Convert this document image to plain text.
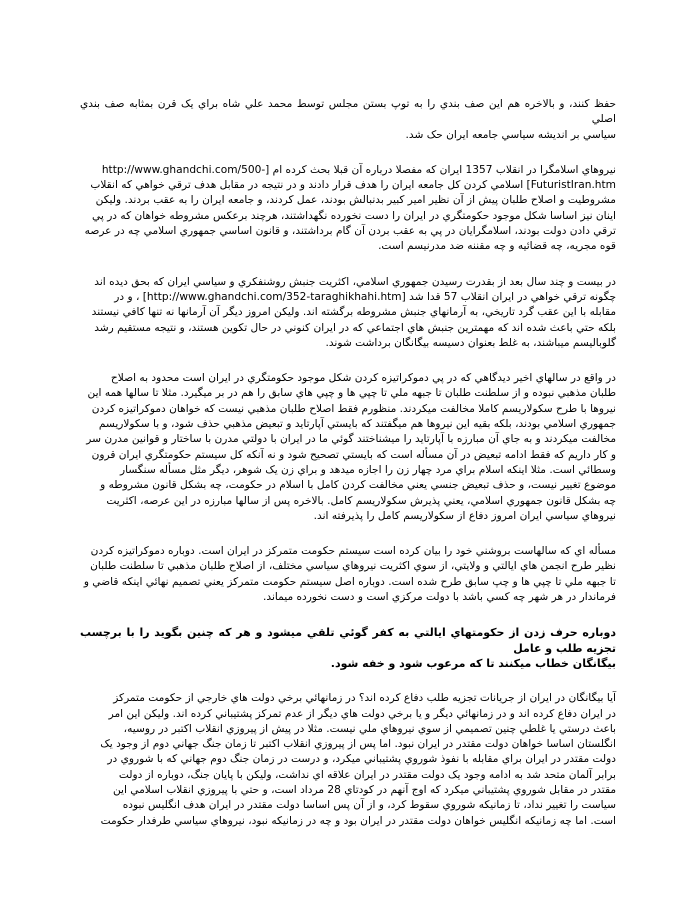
حفظ کنند، و بالاخره هم اين صف بندي را به توپ بستن مجلس توسط محمد علي شاه براي يک قرن بمثابه صف بندي اصلي
سياسي بر انديشه سياسي جامعه ايران حک شد.

نيروهاي اسلامگرا در انقلاب 1357 ايران که مفصلا درباره آن قبلا بحث کرده ام [-http://www.ghandchi.com/500
FuturistIran.htm] اسلامي کردن کل جامعه ايران را هدف قرار دادند و در نتيجه در مقابل هدف ترقي خواهي که انقلاب
مشروطيت و اصلاح طلبان پيش از آن نظير امير کبير بدنبالش بودند، عمل کردند، و جامعه ايران را به عقب بردند. وليکن
اينان نيز اساسا شکل موجود حکومتگري در ايران را دست نخورده نگهداشتند، هرچند برعکس مشروطه خواهان که در پي
ترقي دادن دولت بودند، اسلامگرايان در پي به عقب بردن آن گام برداشتند، و قانون اساسي جمهوري اسلامي چه در عرصه
قوه مجريه، چه قضائيه و چه مقننه ضد مدرنيسم است.

در بيست و چند سال بعد از بقدرت رسيدن جمهوري اسلامي، اکثريت جنبش روشنفکري و سياسي ايران که بحق ديده اند
چگونه ترقي خواهي در ايران انقلاب 57 قدا شد [http://www.ghandchi.com/352-taraghikhahi.htm] ، و در
مقابله با اين عقب گرد تاريخي، به آرمانهاي جنبش مشروطه برگشته اند. وليکن امروز ديگر آن آرمانها نه تنها کافي نيستند
بلکه حتي باعث شده اند که مهمترين جنبش هاي اجتماعي که در ايران کنوني در حال تکوين هستند، و نتيجه مستقيم رشد
گلوباليسم ميباشند، به غلط بعنوان دسيسه بيگانگان برداشت شوند.

در واقع در سالهاي اخير ديدگاهي که در پي دموکراتيزه کردن شکل موجود حکومتگري در ايران است محدود به اصلاح
طلبان مذهبي نبوده و از سلطنت طلبان تا جبهه ملي تا چپي ها و چپي هاي سابق را هم در بر ميگيرد. مثلا تا سالها همه اين
نيروها با طرح سکولاريسم کاملا مخالفت ميکردند. منظورم فقط اصلاح طلبان مذهبي نيست که خواهان دموکراتيزه کردن
جمهوري اسلامي بودند، بلکه بقيه اين نيروها هم ميگفتند که بايستي آپارتايد و تبعيض مذهبي حذف شود، و با سکولاريسم
مخالفت ميکردند و به جاي آن مبارزه با آپارتايد را ميشناختند گوئي ما در ايران با دولتي مدرن با ساختار و قوانين مدرن سر
و کار داريم که فقط ادامه تبعيض در آن مسأله است که بايستي تصحيح شود و نه آنکه کل سيستم حکومتگري ايران قرون
وسطائي است. مثلا اينکه اسلام براي مرد چهار زن را اجازه ميدهد و براي زن يک شوهر، ديگر مثل مسأله سنگسار
موضوع تغيير نيست، و حذف تبعيض جنسي يعني مخالفت کردن کامل با اسلام در حکومت، چه بشکل قانون مشروطه و
چه بشکل قانون جمهوري اسلامي، يعني پذيرش سکولاريسم کامل. بالاخره پس از سالها مبارزه در اين عرصه، اکثريت
نيروهاي سياسي ايران امروز دفاع از سکولاريسم کامل را پذيرفته اند.

مسأله اي که سالهاست بروشني خود را بيان کرده است سيستم حکومت متمرکز در ايران است. دوباره دموکراتيزه کردن
نظير طرح انجمن هاي ايالتي و ولايتي، از سوي اکثريت نيروهاي سياسي مختلف، از اصلاح طلبان مذهبي تا سلطنت طلبان
تا جبهه ملي تا چپي ها و چپ سابق طرح شده است. دوباره اصل سيستم حکومت متمرکز يعني تصميم نهائي اينکه قاضي و
فرماندار در هر شهر چه کسي باشد با دولت مرکزي است و دست نخورده ميماند.

دوباره حرف زدن از حکومتهاي ايالتي به کفر گوئي تلقي ميشود و هر که چنين بگويد را با برچسب تجزيه طلب و عامل
بيگانگان خطاب ميکنند تا که مرعوب شود و خفه شود.

آيا بيگانگان در ايران از جريانات تجزيه طلب دفاع کرده اند؟ در زمانهائي برخي دولت هاي خارجي از حکومت متمرکز
در ايران دفاع کرده اند و در زمانهائي ديگر و يا برخي دولت هاي ديگر از عدم تمرکز پشتيباني کرده اند. وليکن اين امر
باعث درستي يا غلطي چنين تصميمي از سوي نيروهاي ملي نيست. مثلا در پيش از پيروزي انقلاب اکتبر در روسيه،
انگلستان اساسا خواهان دولت مقتدر در ايران نبود. اما پس از پيروزي انقلاب اکتبر تا زمان جنگ جهاني دوم از وجود يک
دولت مقتدر در ايران براي مقابله با نفوذ شوروي پشتيباني ميکرد، و درست در زمان جنگ دوم جهاني که با شوروي در
برابر آلمان متحد شد به ادامه وجود يک دولت مقتدر در ايران علاقه اي نداشت، وليکن با پايان جنگ، دوباره از دولت
مقتدر در مقابل شوروي پشتيباني ميکرد که اوج آنهم در کودتاي 28 مرداد است، و حتي با پيروزي انقلاب اسلامي اين
سياست را تغيير نداد، تا زمانيکه شوروي سقوط کرد، و از آن پس اساسا دولت مقتدر در ايران هدف انگليس نبوده
است. اما چه زمانيکه انگليس خواهان دولت مقتدر در ايران بود و چه در زمانيکه نبود، نيروهاي سياسي طرفدار حکومت
